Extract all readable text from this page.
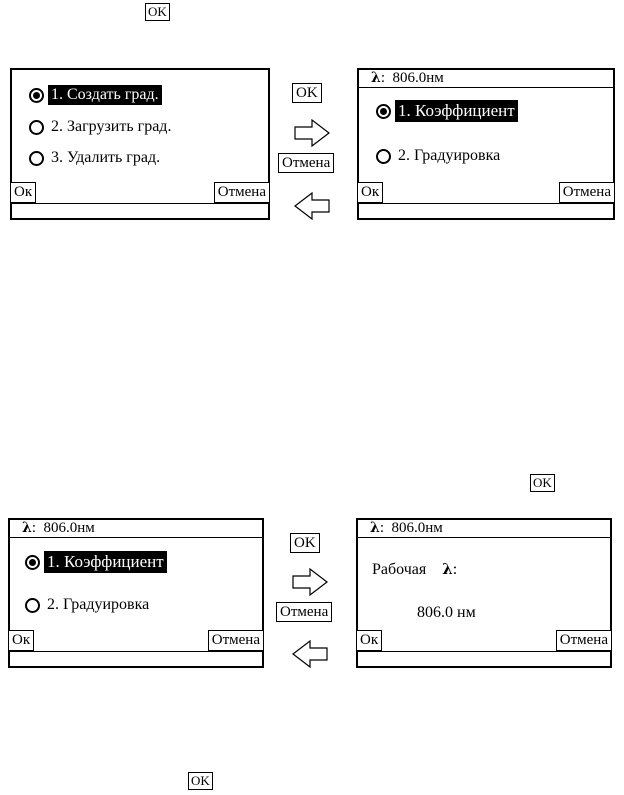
OK
OK
OK
1. Создать град.
2. Загрузить град.
3. Удалить град.
Ок	Отмена
OK
Отмена
λ:  806.0нм
1. Коэффициент
2. Градуировка
Ок	Отмена
λ:  806.0нм
1. Коэффициент
2. Градуировка
Ок	Отмена
OK
Отмена
λ:  806.0нм
Рабочая λ:
806.0 нм
Ок	Отмена
